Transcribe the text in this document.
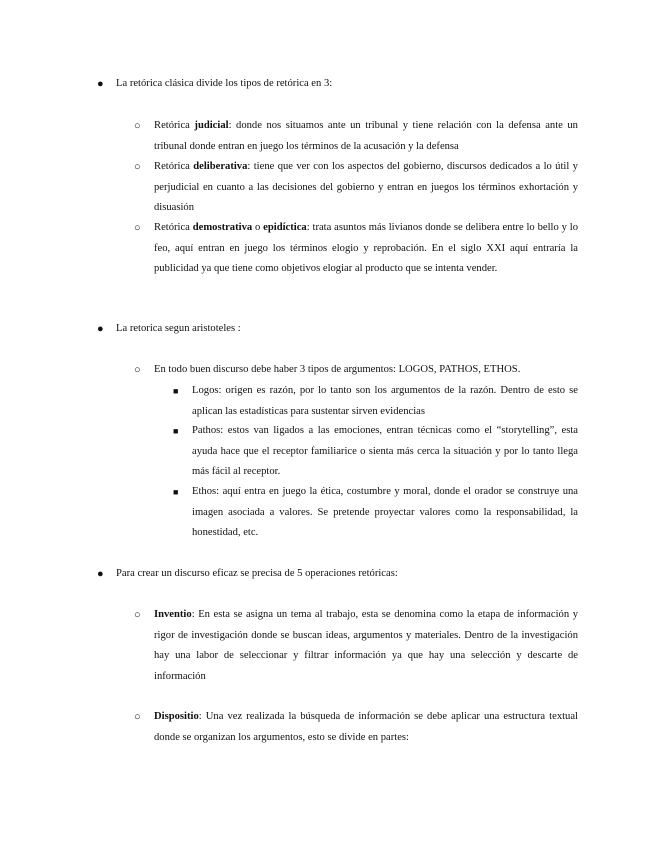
● La retórica clásica divide los tipos de retórica en 3:
○ Retórica judicial: donde nos situamos ante un tribunal y tiene relación con la defensa ante un tribunal donde entran en juego los términos de la acusación y la defensa
○ Retórica deliberativa: tiene que ver con los aspectos del gobierno, discursos dedicados a lo útil y perjudicial en cuanto a las decisiones del gobierno y entran en juegos los términos exhortación y disuasión
○ Retórica demostrativa o epidíctica: trata asuntos más livianos donde se delibera entre lo bello y lo feo, aquí entran en juego los términos elogio y reprobación. En el siglo XXI aquí entraría la publicidad ya que tiene como objetivos elogiar al producto que se intenta vender.
● La retorica segun aristoteles :
○ En todo buen discurso debe haber 3 tipos de argumentos: LOGOS, PATHOS, ETHOS.
■ Logos: origen es razón, por lo tanto son los argumentos de la razón. Dentro de esto se aplican las estadísticas para sustentar sirven evidencias
■ Pathos: estos van ligados a las emociones, entran técnicas como el “storytelling”, esta ayuda hace que el receptor familiarice o sienta más cerca la situación y por lo tanto llega más fácil al receptor.
■ Ethos: aquí entra en juego la ética, costumbre y moral, donde el orador se construye una imagen asociada a valores. Se pretende proyectar valores como la responsabilidad, la honestidad, etc.
● Para crear un discurso eficaz se precisa de 5 operaciones retóricas:
○ Inventio: En esta se asigna un tema al trabajo, esta se denomina como la etapa de información y rigor de investigación donde se buscan ideas, argumentos y materiales. Dentro de la investigación hay una labor de seleccionar y filtrar información ya que hay una selección y descarte de información
○ Dispositio: Una vez realizada la búsqueda de información se debe aplicar una estructura textual donde se organizan los argumentos, esto se divide en partes:
